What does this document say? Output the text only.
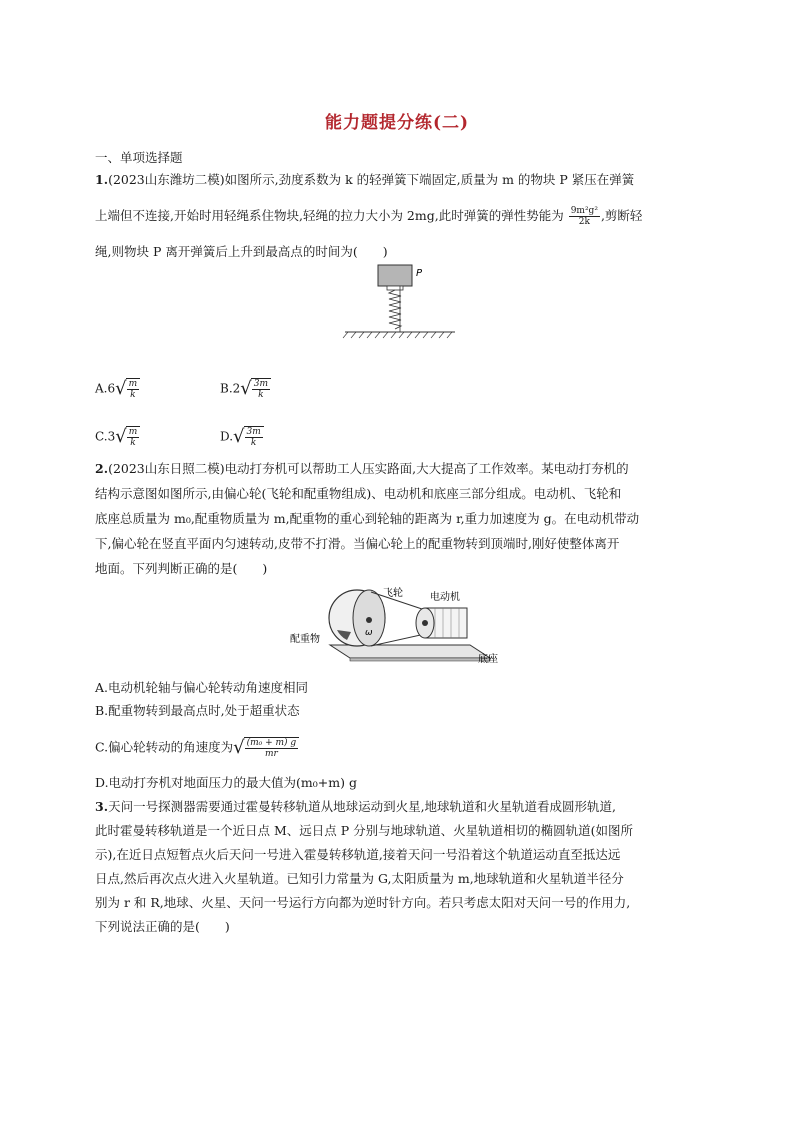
能力题提分练(二)
一、单项选择题
1.(2023山东潍坊二模)如图所示,劲度系数为 k 的轻弹簧下端固定,质量为 m 的物块 P 紧压在弹簧
上端但不连接,开始时用轻绳系住物块,轻绳的拉力大小为 2mg,此时弹簧的弹性势能为 $\frac{\text{9m²g²}}{2k}$ ,剪断轻
绳,则物块 P 离开弹簧后上升到最高点的时间为(　　)
P
A.6 √ $\frac{m}{k}$	B.2 √ $\frac{3m}{k}$
C.3 √ $\frac{m}{k}$	D. √ $\frac{3m}{k}$
2.(2023山东日照二模)电动打夯机可以帮助工人压实路面,大大提高了工作效率。某电动打夯机的
结构示意图如图所示,由偏心轮(飞轮和配重物组成)、电动机和底座三部分组成。电动机、飞轮和
底座总质量为 m₀,配重物质量为 m,配重物的重心到轮轴的距离为 r,重力加速度为 g。在电动机带动
下,偏心轮在竖直平面内匀速转动,皮带不打滑。当偏心轮上的配重物转到顶端时,刚好使整体离开
地面。下列判断正确的是(　　)
飞轮	电动机
配重物
底座
ω
A.电动机轮轴与偏心轮转动角速度相同
B.配重物转到最高点时,处于超重状态
C.偏心轮转动的角速度为 √ $\frac{\text{(m₀ + m) g}}{mr}$
D.电动打夯机对地面压力的最大值为(m₀+m) g
3.天问一号探测器需要通过霍曼转移轨道从地球运动到火星,地球轨道和火星轨道看成圆形轨道,
此时霍曼转移轨道是一个近日点 M、远日点 P 分别与地球轨道、火星轨道相切的椭圆轨道(如图所
示),在近日点短暂点火后天问一号进入霍曼转移轨道,接着天问一号沿着这个轨道运动直至抵达远
日点,然后再次点火进入火星轨道。已知引力常量为 G,太阳质量为 m,地球轨道和火星轨道半径分
别为 r 和 R,地球、火星、天问一号运行方向都为逆时针方向。若只考虑太阳对天问一号的作用力,
下列说法正确的是(　　)
